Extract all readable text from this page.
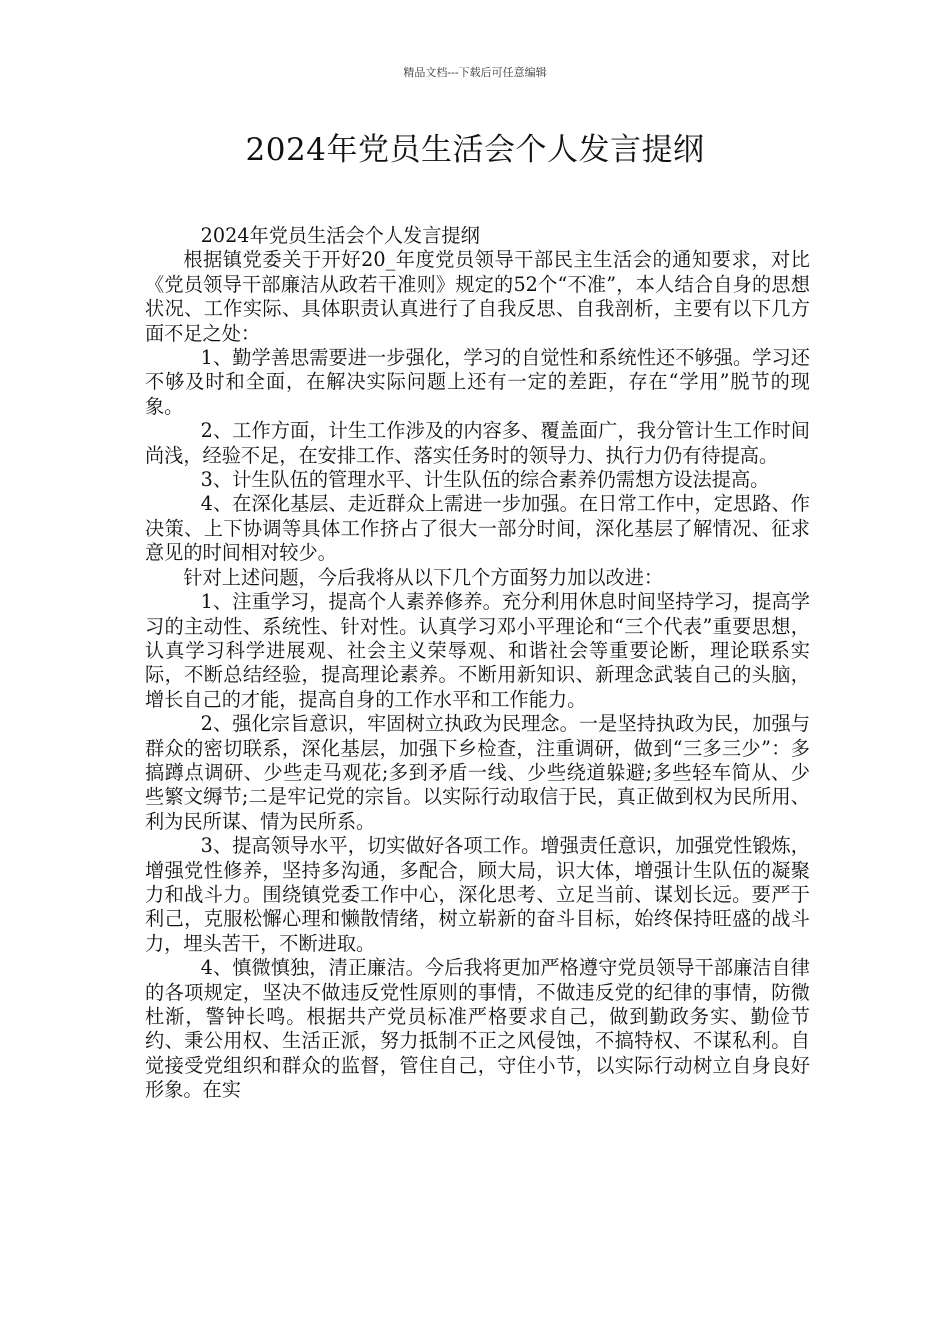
精品文档---下载后可任意编辑
2024年党员生活会个人发言提纲

2024年党员生活会个人发言提纲

根据镇党委关于开好20_年度党员领导干部民主生活会的通知要求，对比《党员领导干部廉洁从政若干准则》规定的52个“不准”，本人结合自身的思想状况、工作实际、具体职责认真进行了自我反思、自我剖析，主要有以下几方面不足之处：

1、勤学善思需要进一步强化，学习的自觉性和系统性还不够强。学习还不够及时和全面，在解决实际问题上还有一定的差距，存在“学用”脱节的现象。

2、工作方面，计生工作涉及的内容多、覆盖面广，我分管计生工作时间尚浅，经验不足，在安排工作、落实任务时的领导力、执行力仍有待提高。

3、计生队伍的管理水平、计生队伍的综合素养仍需想方设法提高。

4、在深化基层、走近群众上需进一步加强。在日常工作中，定思路、作决策、上下协调等具体工作挤占了很大一部分时间，深化基层了解情况、征求意见的时间相对较少。

针对上述问题，今后我将从以下几个方面努力加以改进：

1、注重学习，提高个人素养修养。充分利用休息时间坚持学习，提高学习的主动性、系统性、针对性。认真学习邓小平理论和“三个代表”重要思想，认真学习科学进展观、社会主义荣辱观、和谐社会等重要论断，理论联系实际，不断总结经验，提高理论素养。不断用新知识、新理念武装自己的头脑，增长自己的才能，提高自身的工作水平和工作能力。

2、强化宗旨意识，牢固树立执政为民理念。一是坚持执政为民，加强与群众的密切联系，深化基层，加强下乡检查，注重调研，做到“三多三少”：多搞蹲点调研、少些走马观花;多到矛盾一线、少些绕道躲避;多些轻车简从、少些繁文缛节;二是牢记党的宗旨。以实际行动取信于民，真正做到权为民所用、利为民所谋、情为民所系。

3、提高领导水平，切实做好各项工作。增强责任意识，加强党性锻炼，增强党性修养，坚持多沟通，多配合，顾大局，识大体，增强计生队伍的凝聚力和战斗力。围绕镇党委工作中心，深化思考、立足当前、谋划长远。要严于利己，克服松懈心理和懒散情绪，树立崭新的奋斗目标，始终保持旺盛的战斗力，埋头苦干，不断进取。

4、慎微慎独，清正廉洁。今后我将更加严格遵守党员领导干部廉洁自律的各项规定，坚决不做违反党性原则的事情，不做违反党的纪律的事情，防微杜渐，警钟长鸣。根据共产党员标准严格要求自己，做到勤政务实、勤俭节约、秉公用权、生活正派，努力抵制不正之风侵蚀，不搞特权、不谋私利。自觉接受党组织和群众的监督，管住自己，守住小节，以实际行动树立自身良好形象。在实
